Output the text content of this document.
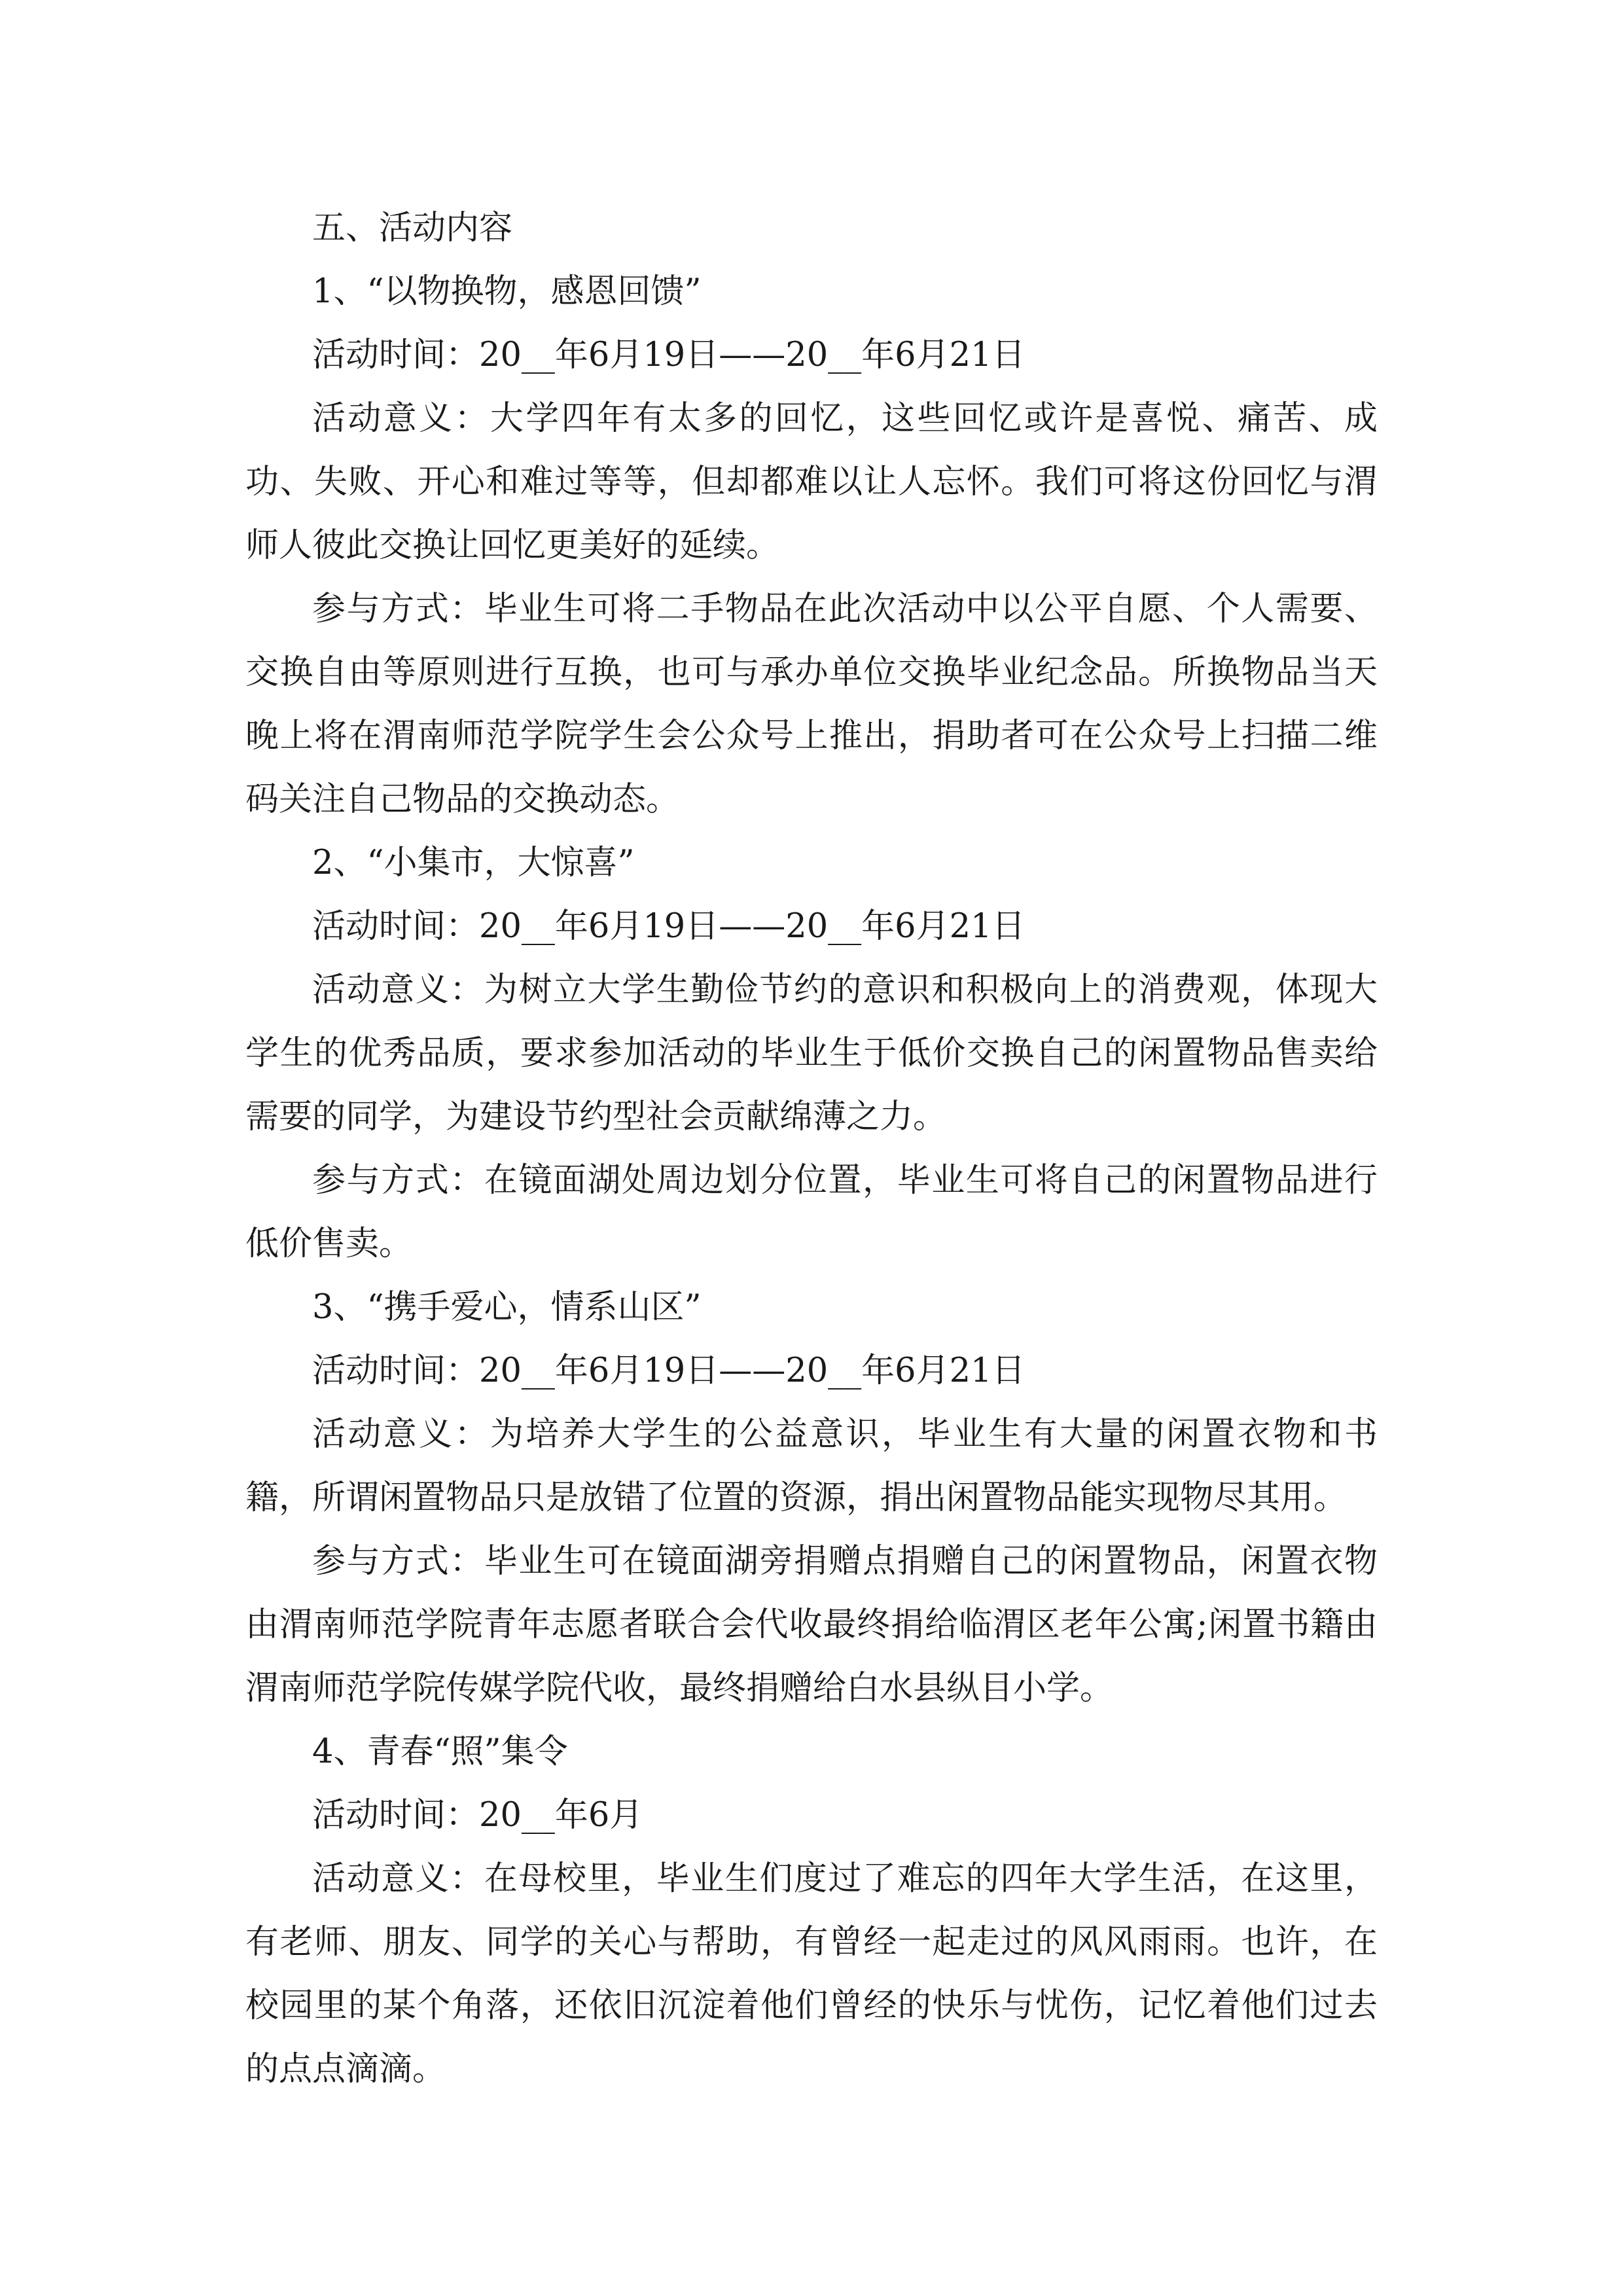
五、活动内容

1、“以物换物，感恩回馈”

活动时间：20__年6月19日——20__年6月21日

活动意义：大学四年有太多的回忆，这些回忆或许是喜悦、痛苦、成功、失败、开心和难过等等，但却都难以让人忘怀。我们可将这份回忆与渭师人彼此交换让回忆更美好的延续。

参与方式：毕业生可将二手物品在此次活动中以公平自愿、个人需要、交换自由等原则进行互换，也可与承办单位交换毕业纪念品。所换物品当天晚上将在渭南师范学院学生会公众号上推出，捐助者可在公众号上扫描二维码关注自己物品的交换动态。

2、“小集市，大惊喜”

活动时间：20__年6月19日——20__年6月21日

活动意义：为树立大学生勤俭节约的意识和积极向上的消费观，体现大学生的优秀品质，要求参加活动的毕业生于低价交换自己的闲置物品售卖给需要的同学，为建设节约型社会贡献绵薄之力。

参与方式：在镜面湖处周边划分位置，毕业生可将自己的闲置物品进行低价售卖。

3、“携手爱心，情系山区”

活动时间：20__年6月19日——20__年6月21日

活动意义：为培养大学生的公益意识，毕业生有大量的闲置衣物和书籍，所谓闲置物品只是放错了位置的资源，捐出闲置物品能实现物尽其用。

参与方式：毕业生可在镜面湖旁捐赠点捐赠自己的闲置物品，闲置衣物由渭南师范学院青年志愿者联合会代收最终捐给临渭区老年公寓;闲置书籍由渭南师范学院传媒学院代收，最终捐赠给白水县纵目小学。

4、青春“照”集令

活动时间：20__年6月

活动意义：在母校里，毕业生们度过了难忘的四年大学生活，在这里，有老师、朋友、同学的关心与帮助，有曾经一起走过的风风雨雨。也许，在校园里的某个角落，还依旧沉淀着他们曾经的快乐与忧伤，记忆着他们过去的点点滴滴。
